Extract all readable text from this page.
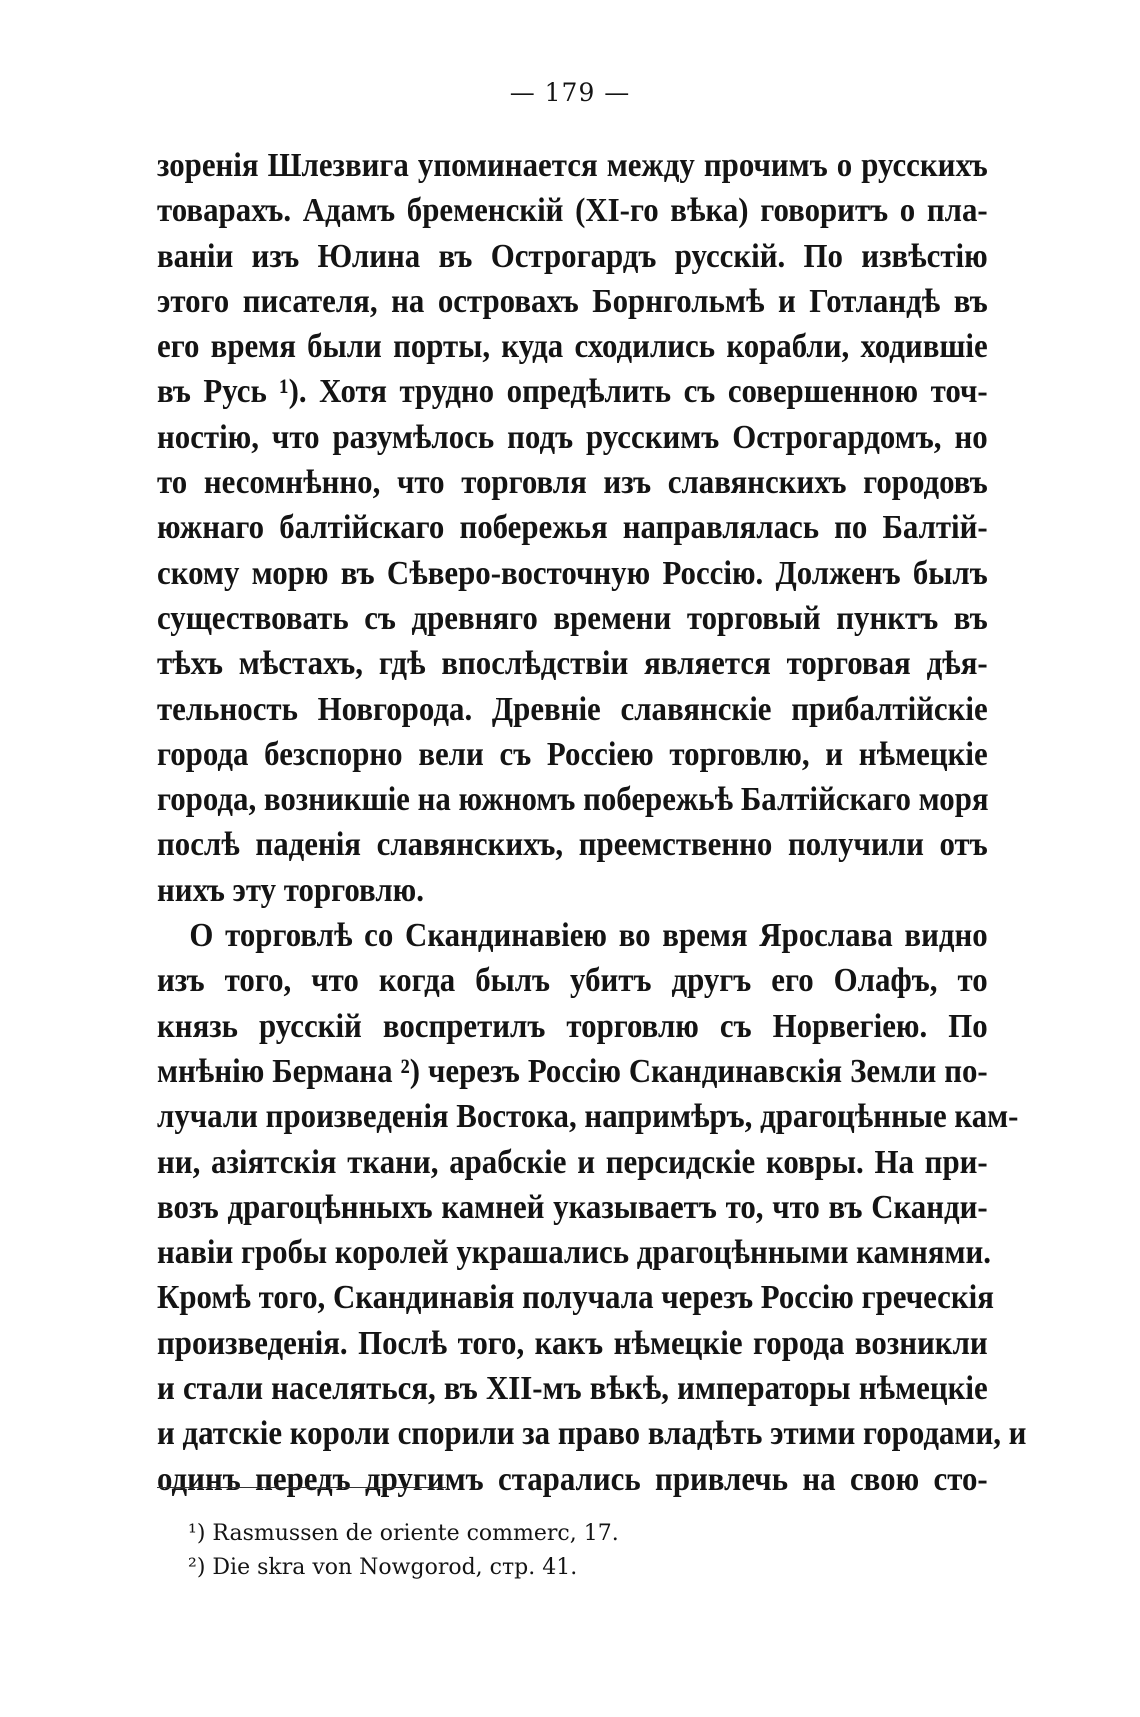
— 179 —
зоренія Шлезвига упоминается между прочимъ о русскихъ
товарахъ. Адамъ бременскій (XI-го вѣка) говоритъ о пла-
ваніи изъ Юлина въ Острогардъ русскій. По извѣстію
этого писателя, на островахъ Борнгольмѣ и Готландѣ въ
его время были порты, куда сходились корабли, ходившіе
въ Русь ¹). Хотя трудно опредѣлить съ совершенною точ-
ностію, что разумѣлось подъ русскимъ Острогардомъ, но
то несомнѣнно, что торговля изъ славянскихъ городовъ
южнаго балтійскаго побережья направлялась по Балтій-
скому морю въ Сѣверо-восточную Россію. Долженъ былъ
существовать съ древняго времени торговый пунктъ въ
тѣхъ мѣстахъ, гдѣ впослѣдствіи является торговая дѣя-
тельность Новгорода. Древніе славянскіе прибалтійскіе
города безспорно вели съ Россіею торговлю, и нѣмецкіе
города, возникшіе на южномъ побережьѣ Балтійскаго моря
послѣ паденія славянскихъ, преемственно получили отъ
нихъ эту торговлю.
О торговлѣ со Скандинавіею во время Ярослава видно
изъ того, что когда былъ убитъ другъ его Олафъ, то
князь русскій воспретилъ торговлю съ Норвегіею. По
мнѣнію Бермана ²) черезъ Россію Скандинавскія Земли по-
лучали произведенія Востока, напримѣръ, драгоцѣнные кам-
ни, азіятскія ткани, арабскіе и персидскіе ковры. На при-
возъ драгоцѣнныхъ камней указываетъ то, что въ Сканди-
навіи гробы королей украшались драгоцѣнными камнями.
Кромѣ того, Скандинавія получала черезъ Россію греческія
произведенія. Послѣ того, какъ нѣмецкіе города возникли
и стали населяться, въ XII-мъ вѣкѣ, императоры нѣмецкіе
и датскіе короли спорили за право владѣть этими городами, и
одинъ передъ другимъ старались привлечь на свою сто-
¹) Rasmussen de oriente commerc, 17.
²) Die skra von Nowgorod, стр. 41.
